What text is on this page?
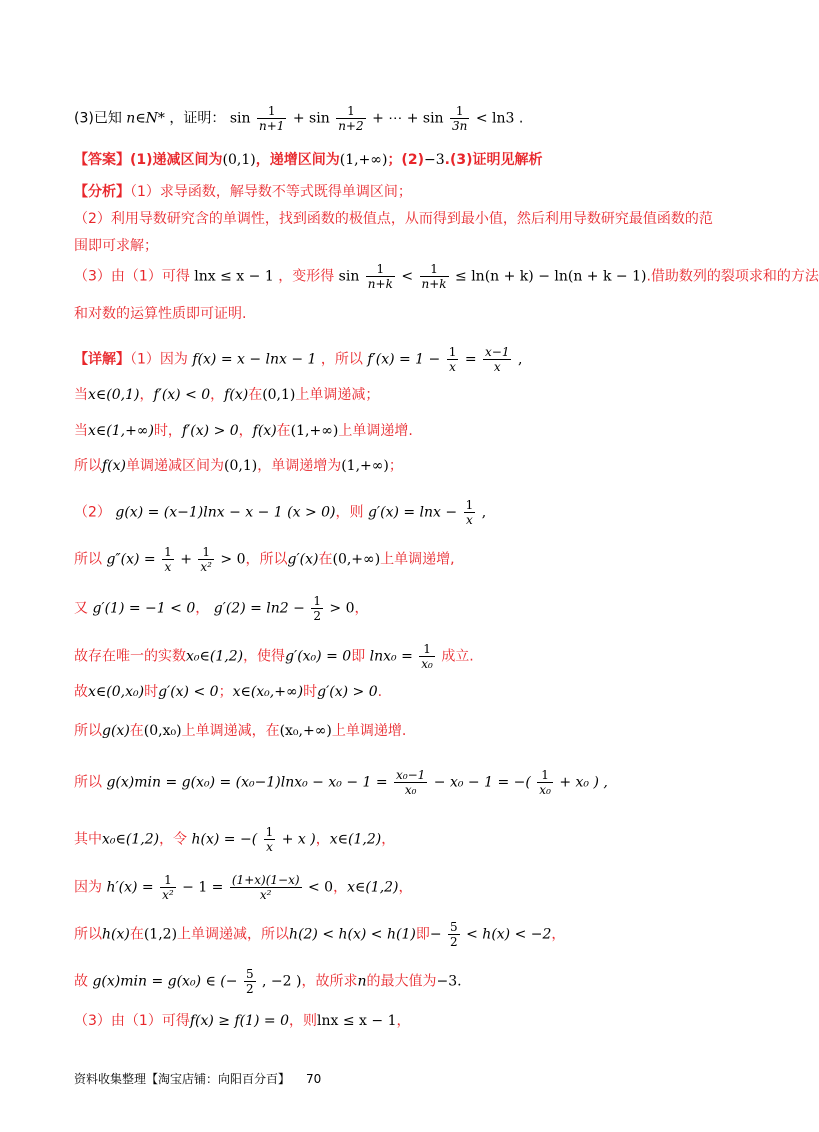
(3)已知 n∈N* ，证明： $\sin \frac{1}{n+1} + \sin \frac{1}{n+2}$ + ⋯ + $\sin \frac{1}{3n} < \ln 3$ .
【答案】(1)递减区间为(0,1)，递增区间为(1,+∞)；(2)−3.(3)证明见解析
【分析】（1）求导函数，解导数不等式既得单调区间；
（2）利用导数研究含的单调性，找到函数的极值点，从而得到最小值，然后利用导数研究最值函数的范
围即可求解；
（3）由（1）可得 lnx ≤ x − 1 ，变形得 $\sin \frac{1}{n+k} < \frac{1}{n+k} \le \ln(n + k) - \ln(n + k - 1)$.借助数列的裂项求和的方法
和对数的运算性质即可证明.
【详解】（1）因为 f(x) = x − lnx − 1 ，所以 $f'(x) = 1 - \frac{1}{x} = \frac{x-1}{x}$ ,
当x∈(0,1)，f′(x) < 0，f(x)在(0,1)上单调递减；
当x∈(1,+∞)时，f′(x) > 0，f(x)在(1,+∞)上单调递增.
所以f(x)单调递减区间为(0,1)，单调递增为(1,+∞)；
（2） g(x) = (x−1)lnx − x − 1 (x > 0)，则 $g'(x) = \ln x - \frac{1}{x}$ ,
所以 $g''(x) = \frac{1}{x} + \frac{1}{\text{x²}} > 0$，所以g′(x)在(0,+∞)上单调递增,
又 g′(1) = −1 < 0， $g'(2) = \ln 2 - \frac{1}{2} > 0$，
故存在唯一的实数x₀∈(1,2)，使得g′(x₀) = 0即 $\ln x_0 = \frac{1}{\text{x₀}}$ 成立.
故x∈(0,x₀)时g′(x) < 0；x∈(x₀,+∞)时g′(x) > 0.
所以g(x)在(0,x₀)上单调递减，在(x₀,+∞)上单调递增.
所以 $g(x)\min = g(x_0) = (x_0-1)\ln x_0 - x_0 - 1 = \frac{\text{x₀−1}}{\text{x₀}} - x_0 - 1$ = −( $\frac{1}{\text{x₀}} + x_0$ ) ,
其中x₀∈(1,2)，令 h(x) = −( $\frac{1}{x} + x$ )，x∈(1,2)，
因为 $h'(x) = \frac{1}{\text{x²}} - 1 = \frac{(1+x)(1-x)}{\text{x²}} < 0$，x∈(1,2)，
所以h(x)在(1,2)上单调递减，所以h(2) < h(x) < h(1)即− $\frac{5}{2} < h(x) < -2$，
故 g(x)min = g(x₀) ∈ (− $\frac{5}{2}$ , −2 )，故所求n的最大值为−3.
（3）由（1）可得f(x) ≥ f(1) = 0，则lnx ≤ x − 1，
资料收集整理【淘宝店铺：向阳百分百】 70
